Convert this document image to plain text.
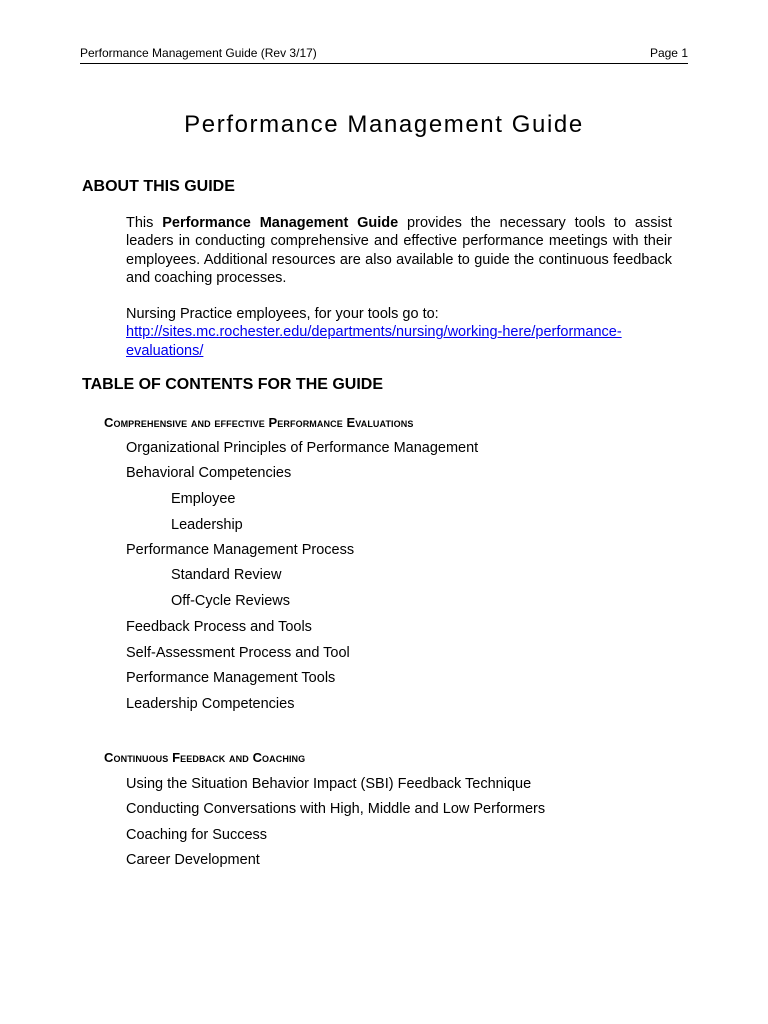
Performance Management Guide (Rev 3/17)	Page 1
Performance Management Guide
ABOUT THIS GUIDE

This Performance Management Guide provides the necessary tools to assist leaders in conducting comprehensive and effective performance meetings with their employees. Additional resources are also available to guide the continuous feedback and coaching processes.

Nursing Practice employees, for your tools go to:
http://sites.mc.rochester.edu/departments/nursing/working-here/performance-evaluations/

TABLE OF CONTENTS FOR THE GUIDE
Comprehensive and effective Performance Evaluations
Organizational Principles of Performance Management
Behavioral Competencies
Employee
Leadership
Performance Management Process
Standard Review
Off-Cycle Reviews
Feedback Process and Tools
Self-Assessment Process and Tool
Performance Management Tools
Leadership Competencies
Continuous Feedback and Coaching
Using the Situation Behavior Impact (SBI) Feedback Technique
Conducting Conversations with High, Middle and Low Performers
Coaching for Success
Career Development
